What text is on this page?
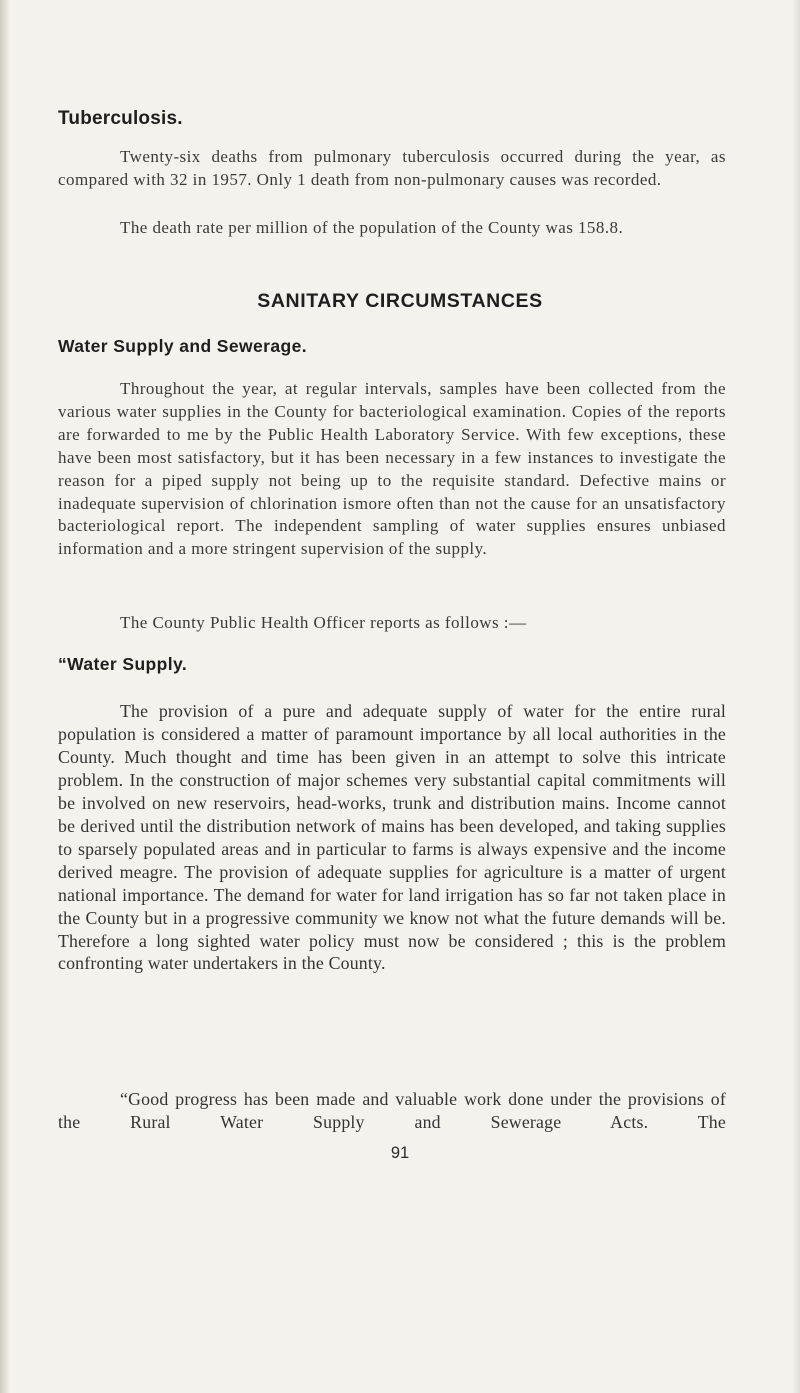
Tuberculosis.

Twenty-six deaths from pulmonary tuberculosis occurred during the year, as compared with 32 in 1957. Only 1 death from non-pulmonary causes was recorded.

The death rate per million of the population of the County was 158.8.

SANITARY CIRCUMSTANCES
Water Supply and Sewerage.

Throughout the year, at regular intervals, samples have been collected from the various water supplies in the County for bacteriological examination. Copies of the reports are forwarded to me by the Public Health Laboratory Service. With few exceptions, these have been most satisfactory, but it has been necessary in a few instances to investigate the reason for a piped supply not being up to the requisite standard. Defective mains or inadequate supervision of chlorination ismore often than not the cause for an unsatisfactory bacteriological report. The independent sampling of water supplies ensures unbiased information and a more stringent supervision of the supply.

The County Public Health Officer reports as follows :—

“Water Supply.

The provision of a pure and adequate supply of water for the entire rural population is considered a matter of paramount importance by all local authorities in the County. Much thought and time has been given in an attempt to solve this intricate problem. In the construction of major schemes very substantial capital commitments will be involved on new reservoirs, head-works, trunk and distribution mains. Income cannot be derived until the distribution network of mains has been developed, and taking supplies to sparsely populated areas and in particular to farms is always expensive and the income derived meagre. The provision of adequate supplies for agriculture is a matter of urgent national importance. The demand for water for land irrigation has so far not taken place in the County but in a progressive community we know not what the future demands will be. Therefore a long sighted water policy must now be considered ; this is the problem confronting water undertakers in the County.

“Good progress has been made and valuable work done under the provisions of the Rural Water Supply and Sewerage Acts. The

91
